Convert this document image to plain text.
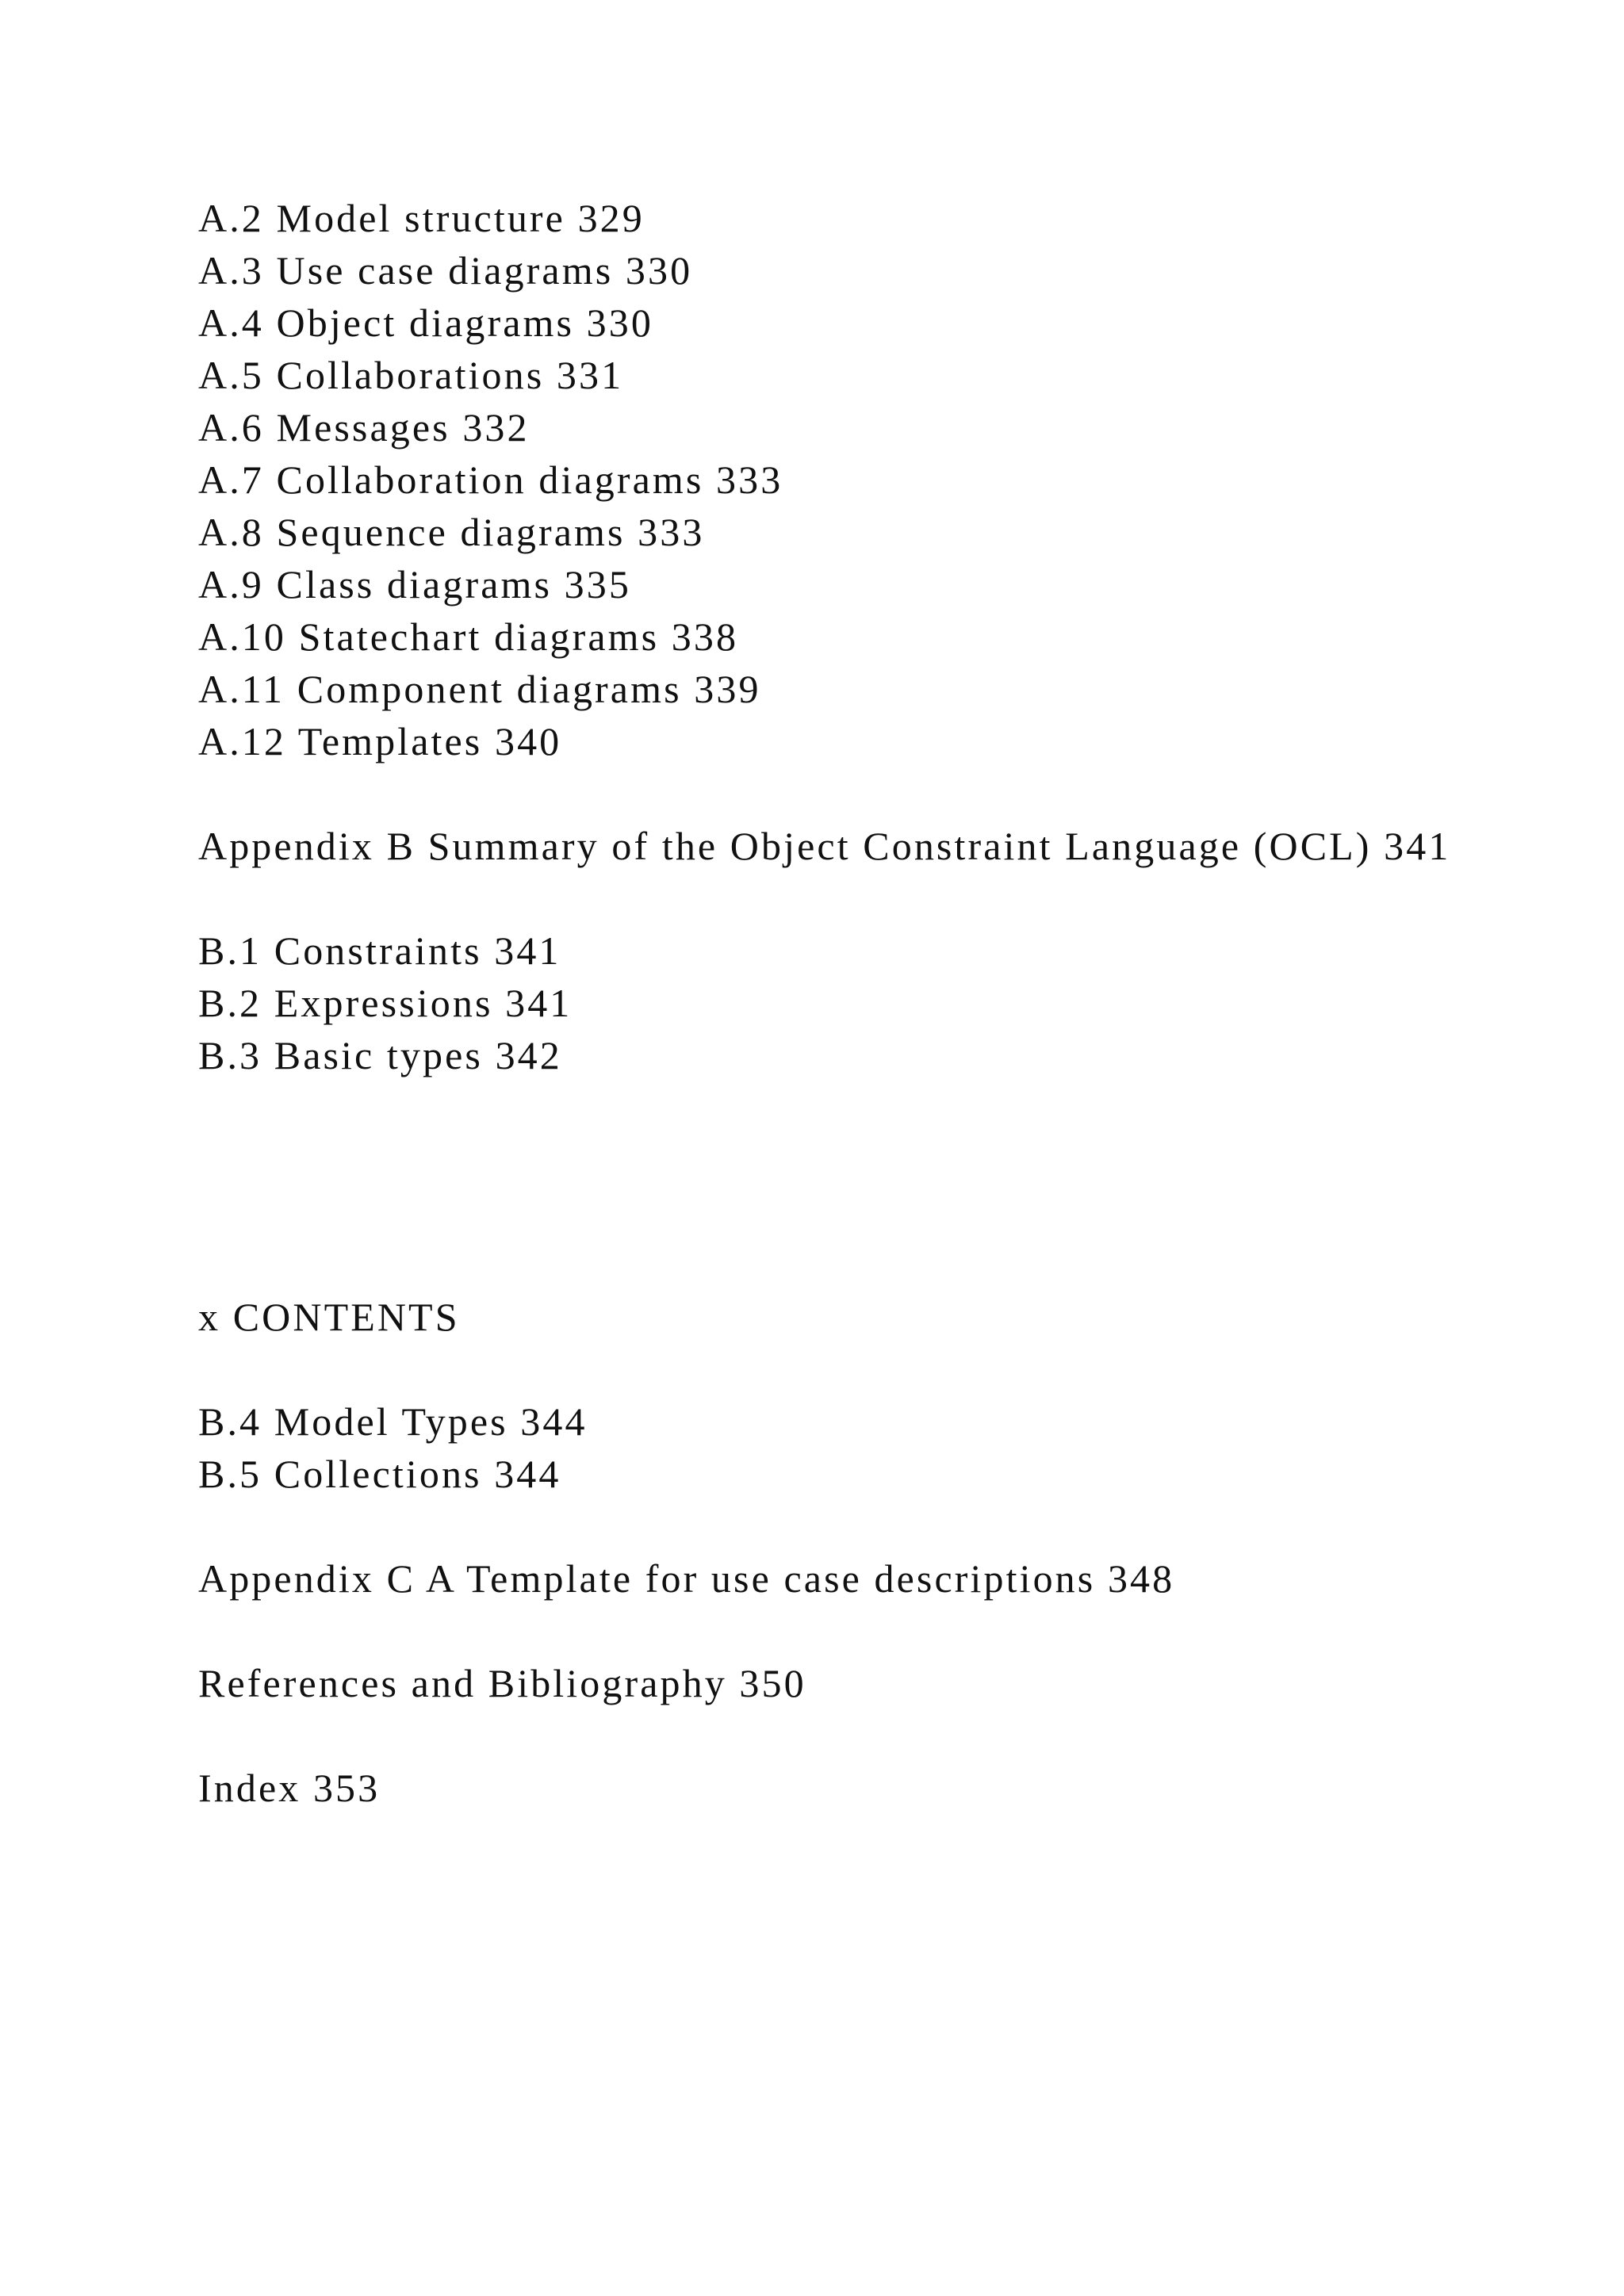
A.2 Model structure 329
A.3 Use case diagrams 330
A.4 Object diagrams 330
A.5 Collaborations 331
A.6 Messages 332
A.7 Collaboration diagrams 333
A.8 Sequence diagrams 333
A.9 Class diagrams 335
A.10 Statechart diagrams 338
A.11 Component diagrams 339
A.12 Templates 340
Appendix B Summary of the Object Constraint Language (OCL) 341
B.1 Constraints 341
B.2 Expressions 341
B.3 Basic types 342
x CONTENTS
B.4 Model Types 344
B.5 Collections 344
Appendix C A Template for use case descriptions 348
References and Bibliography 350
Index 353
